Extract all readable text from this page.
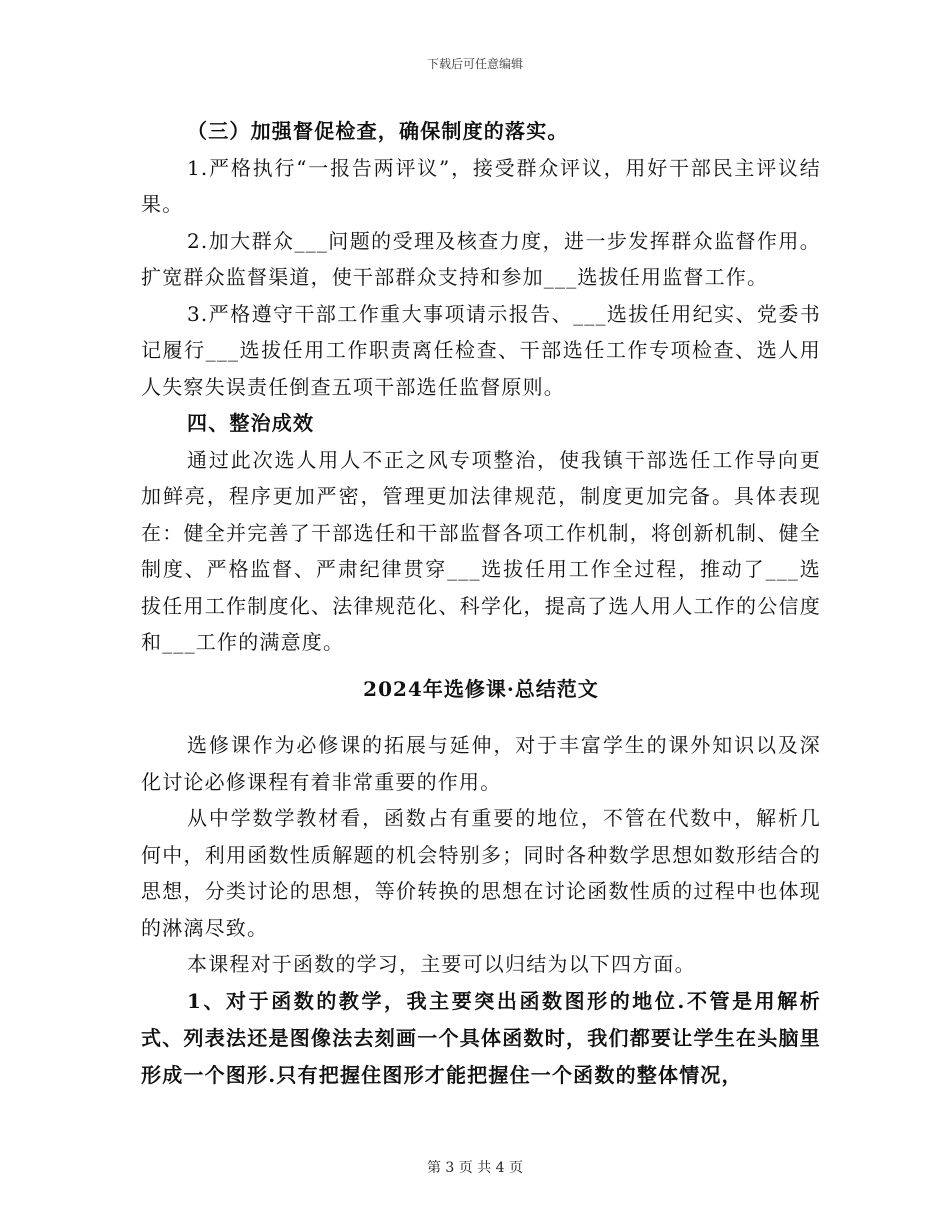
下载后可任意编辑

（三）加强督促检查，确保制度的落实。

1.严格执行“一报告两评议”，接受群众评议，用好干部民主评议结果。

2.加大群众___问题的受理及核查力度，进一步发挥群众监督作用。扩宽群众监督渠道，使干部群众支持和参加___选拔任用监督工作。

3.严格遵守干部工作重大事项请示报告、___选拔任用纪实、党委书记履行___选拔任用工作职责离任检查、干部选任工作专项检查、选人用人失察失误责任倒查五项干部选任监督原则。

四、整治成效

通过此次选人用人不正之风专项整治，使我镇干部选任工作导向更加鲜亮，程序更加严密，管理更加法律规范，制度更加完备。具体表现在：健全并完善了干部选任和干部监督各项工作机制，将创新机制、健全制度、严格监督、严肃纪律贯穿___选拔任用工作全过程，推动了___选拔任用工作制度化、法律规范化、科学化，提高了选人用人工作的公信度和___工作的满意度。

2024年选修课·总结范文

选修课作为必修课的拓展与延伸，对于丰富学生的课外知识以及深化讨论必修课程有着非常重要的作用。

从中学数学教材看，函数占有重要的地位，不管在代数中，解析几何中，利用函数性质解题的机会特别多；同时各种数学思想如数形结合的思想，分类讨论的思想，等价转换的思想在讨论函数性质的过程中也体现的淋漓尽致。

本课程对于函数的学习，主要可以归结为以下四方面。

1、对于函数的教学，我主要突出函数图形的地位.不管是用解析式、列表法还是图像法去刻画一个具体函数时，我们都要让学生在头脑里形成一个图形.只有把握住图形才能把握住一个函数的整体情况，

第 3 页 共 4 页
